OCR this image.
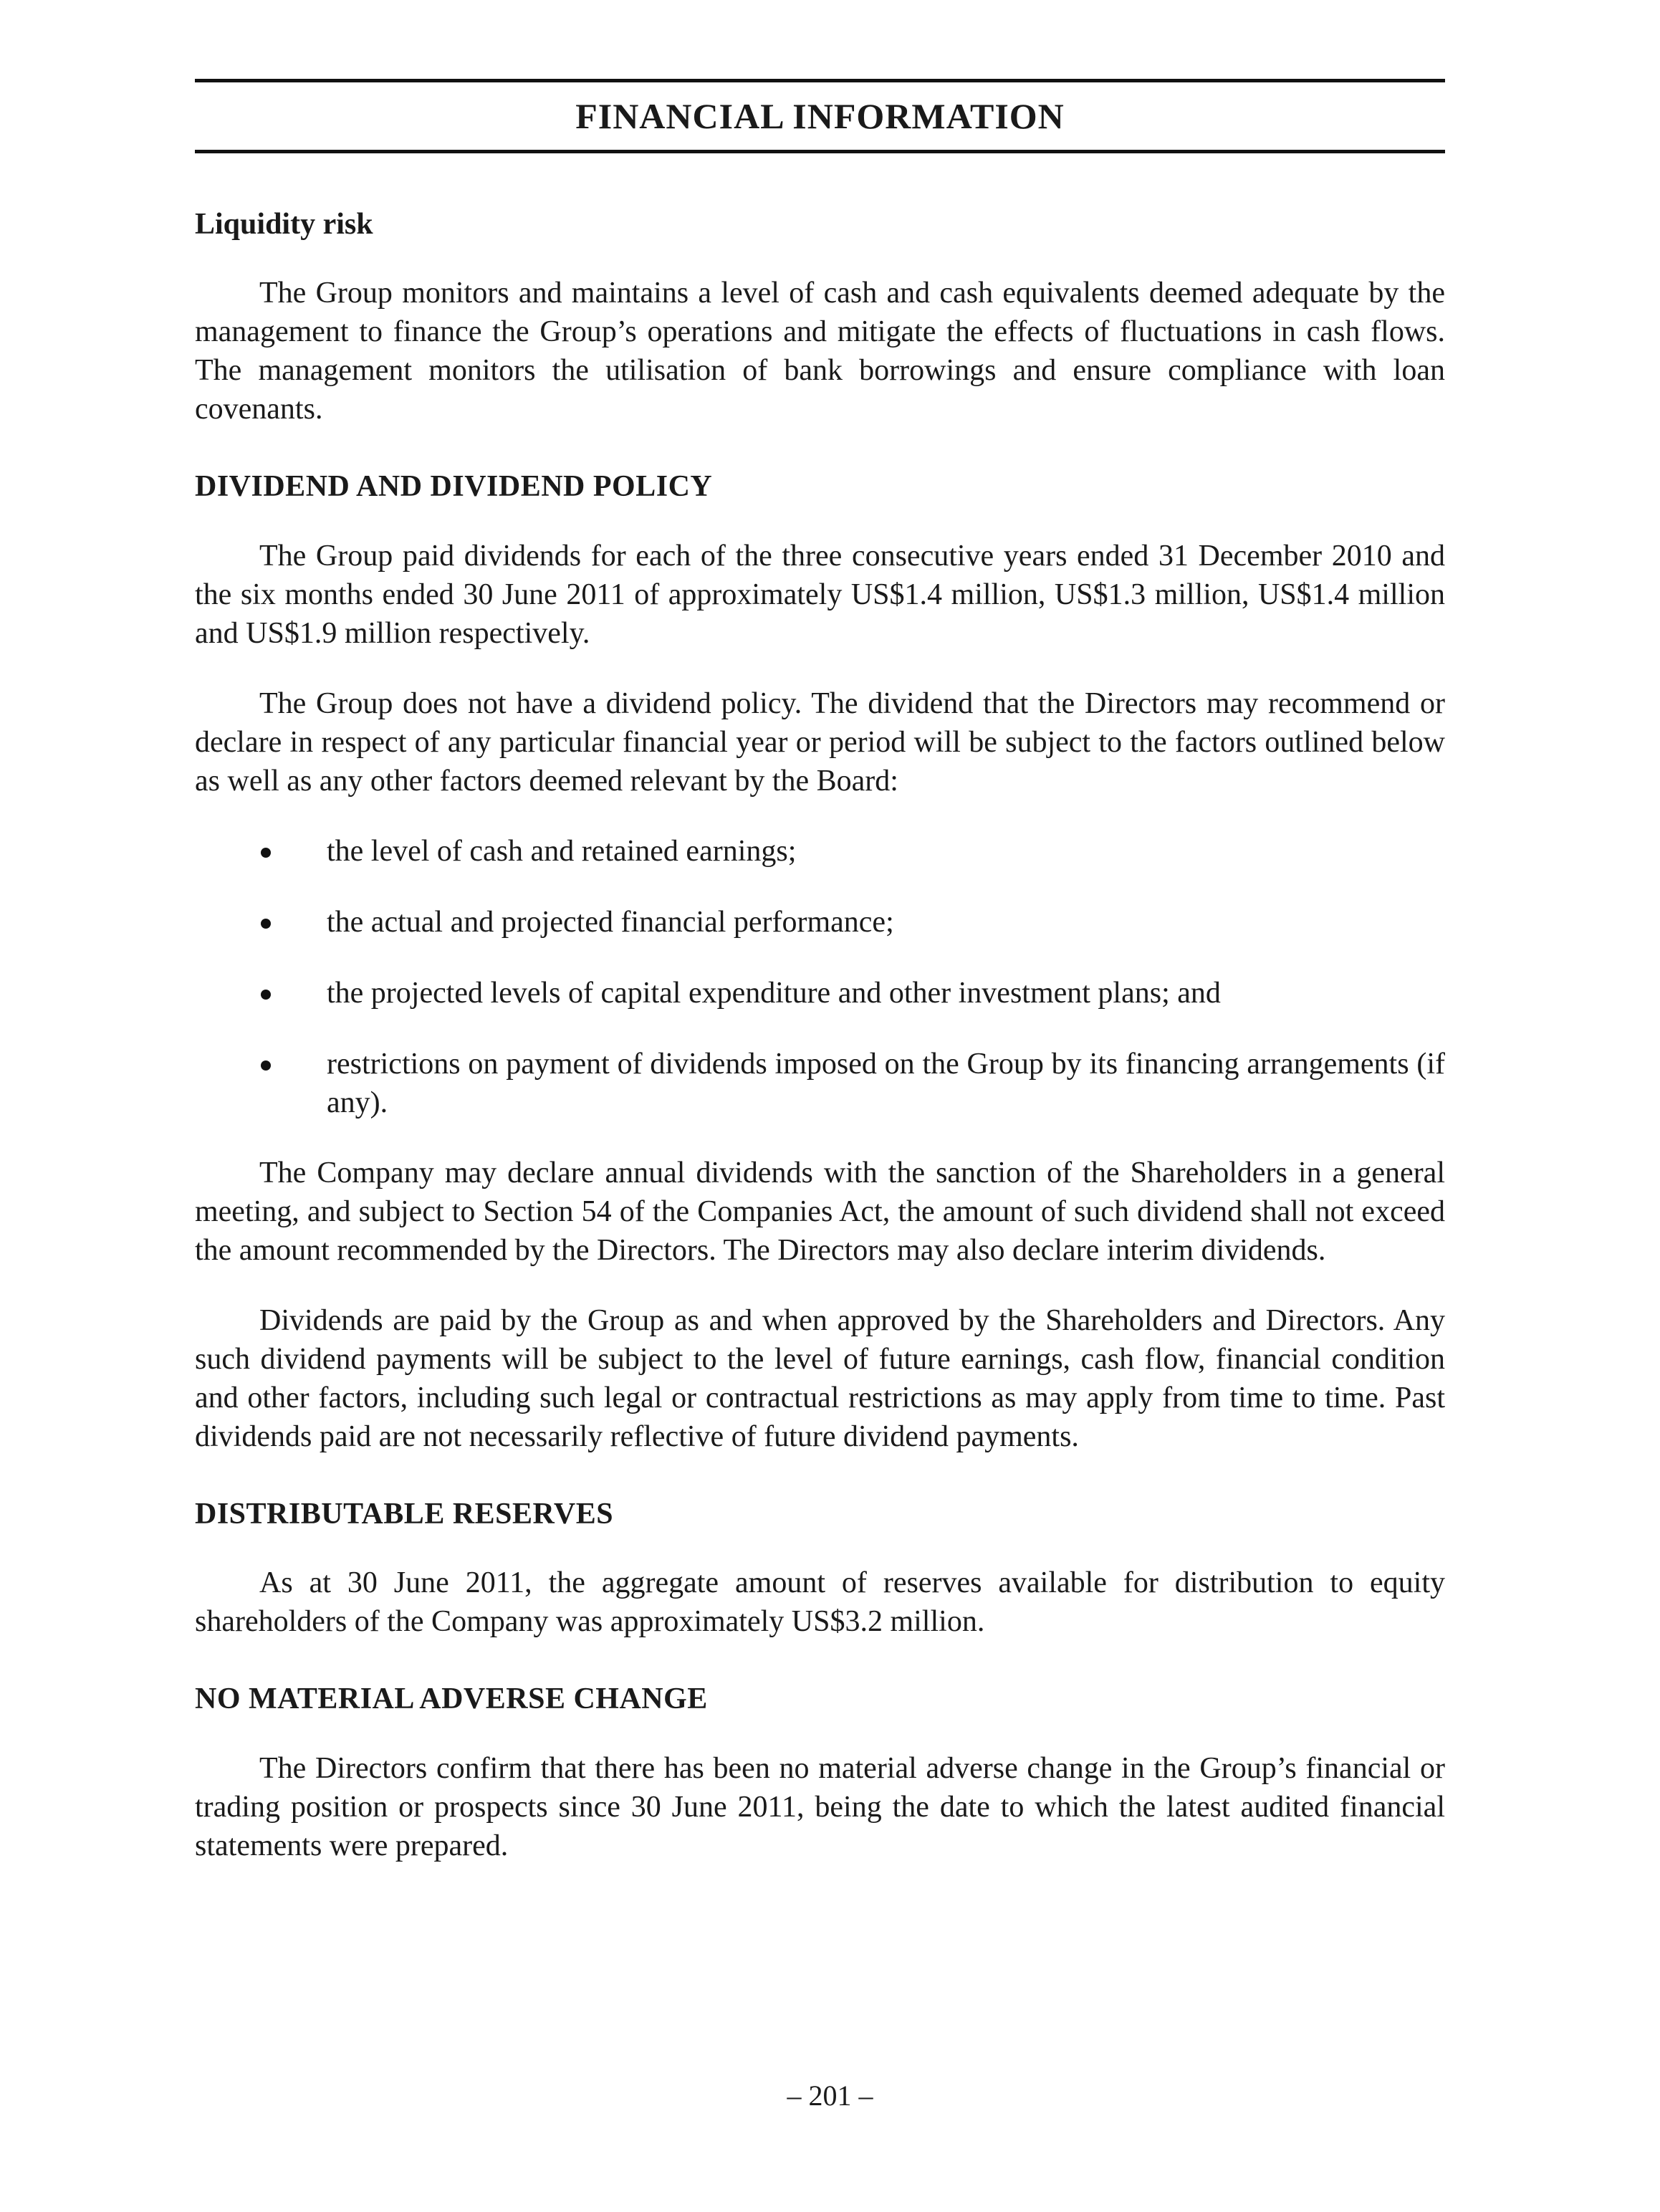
FINANCIAL INFORMATION
Liquidity risk

The Group monitors and maintains a level of cash and cash equivalents deemed adequate by the management to finance the Group’s operations and mitigate the effects of fluctuations in cash flows. The management monitors the utilisation of bank borrowings and ensure compliance with loan covenants.

DIVIDEND AND DIVIDEND POLICY

The Group paid dividends for each of the three consecutive years ended 31 December 2010 and the six months ended 30 June 2011 of approximately US$1.4 million, US$1.3 million, US$1.4 million and US$1.9 million respectively.

The Group does not have a dividend policy. The dividend that the Directors may recommend or declare in respect of any particular financial year or period will be subject to the factors outlined below as well as any other factors deemed relevant by the Board:

the level of cash and retained earnings;
the actual and projected financial performance;
the projected levels of capital expenditure and other investment plans; and
restrictions on payment of dividends imposed on the Group by its financing arrangements (if any).

The Company may declare annual dividends with the sanction of the Shareholders in a general meeting, and subject to Section 54 of the Companies Act, the amount of such dividend shall not exceed the amount recommended by the Directors. The Directors may also declare interim dividends.

Dividends are paid by the Group as and when approved by the Shareholders and Directors. Any such dividend payments will be subject to the level of future earnings, cash flow, financial condition and other factors, including such legal or contractual restrictions as may apply from time to time. Past dividends paid are not necessarily reflective of future dividend payments.

DISTRIBUTABLE RESERVES

As at 30 June 2011, the aggregate amount of reserves available for distribution to equity shareholders of the Company was approximately US$3.2 million.

NO MATERIAL ADVERSE CHANGE

The Directors confirm that there has been no material adverse change in the Group’s financial or trading position or prospects since 30 June 2011, being the date to which the latest audited financial statements were prepared.

– 201 –
